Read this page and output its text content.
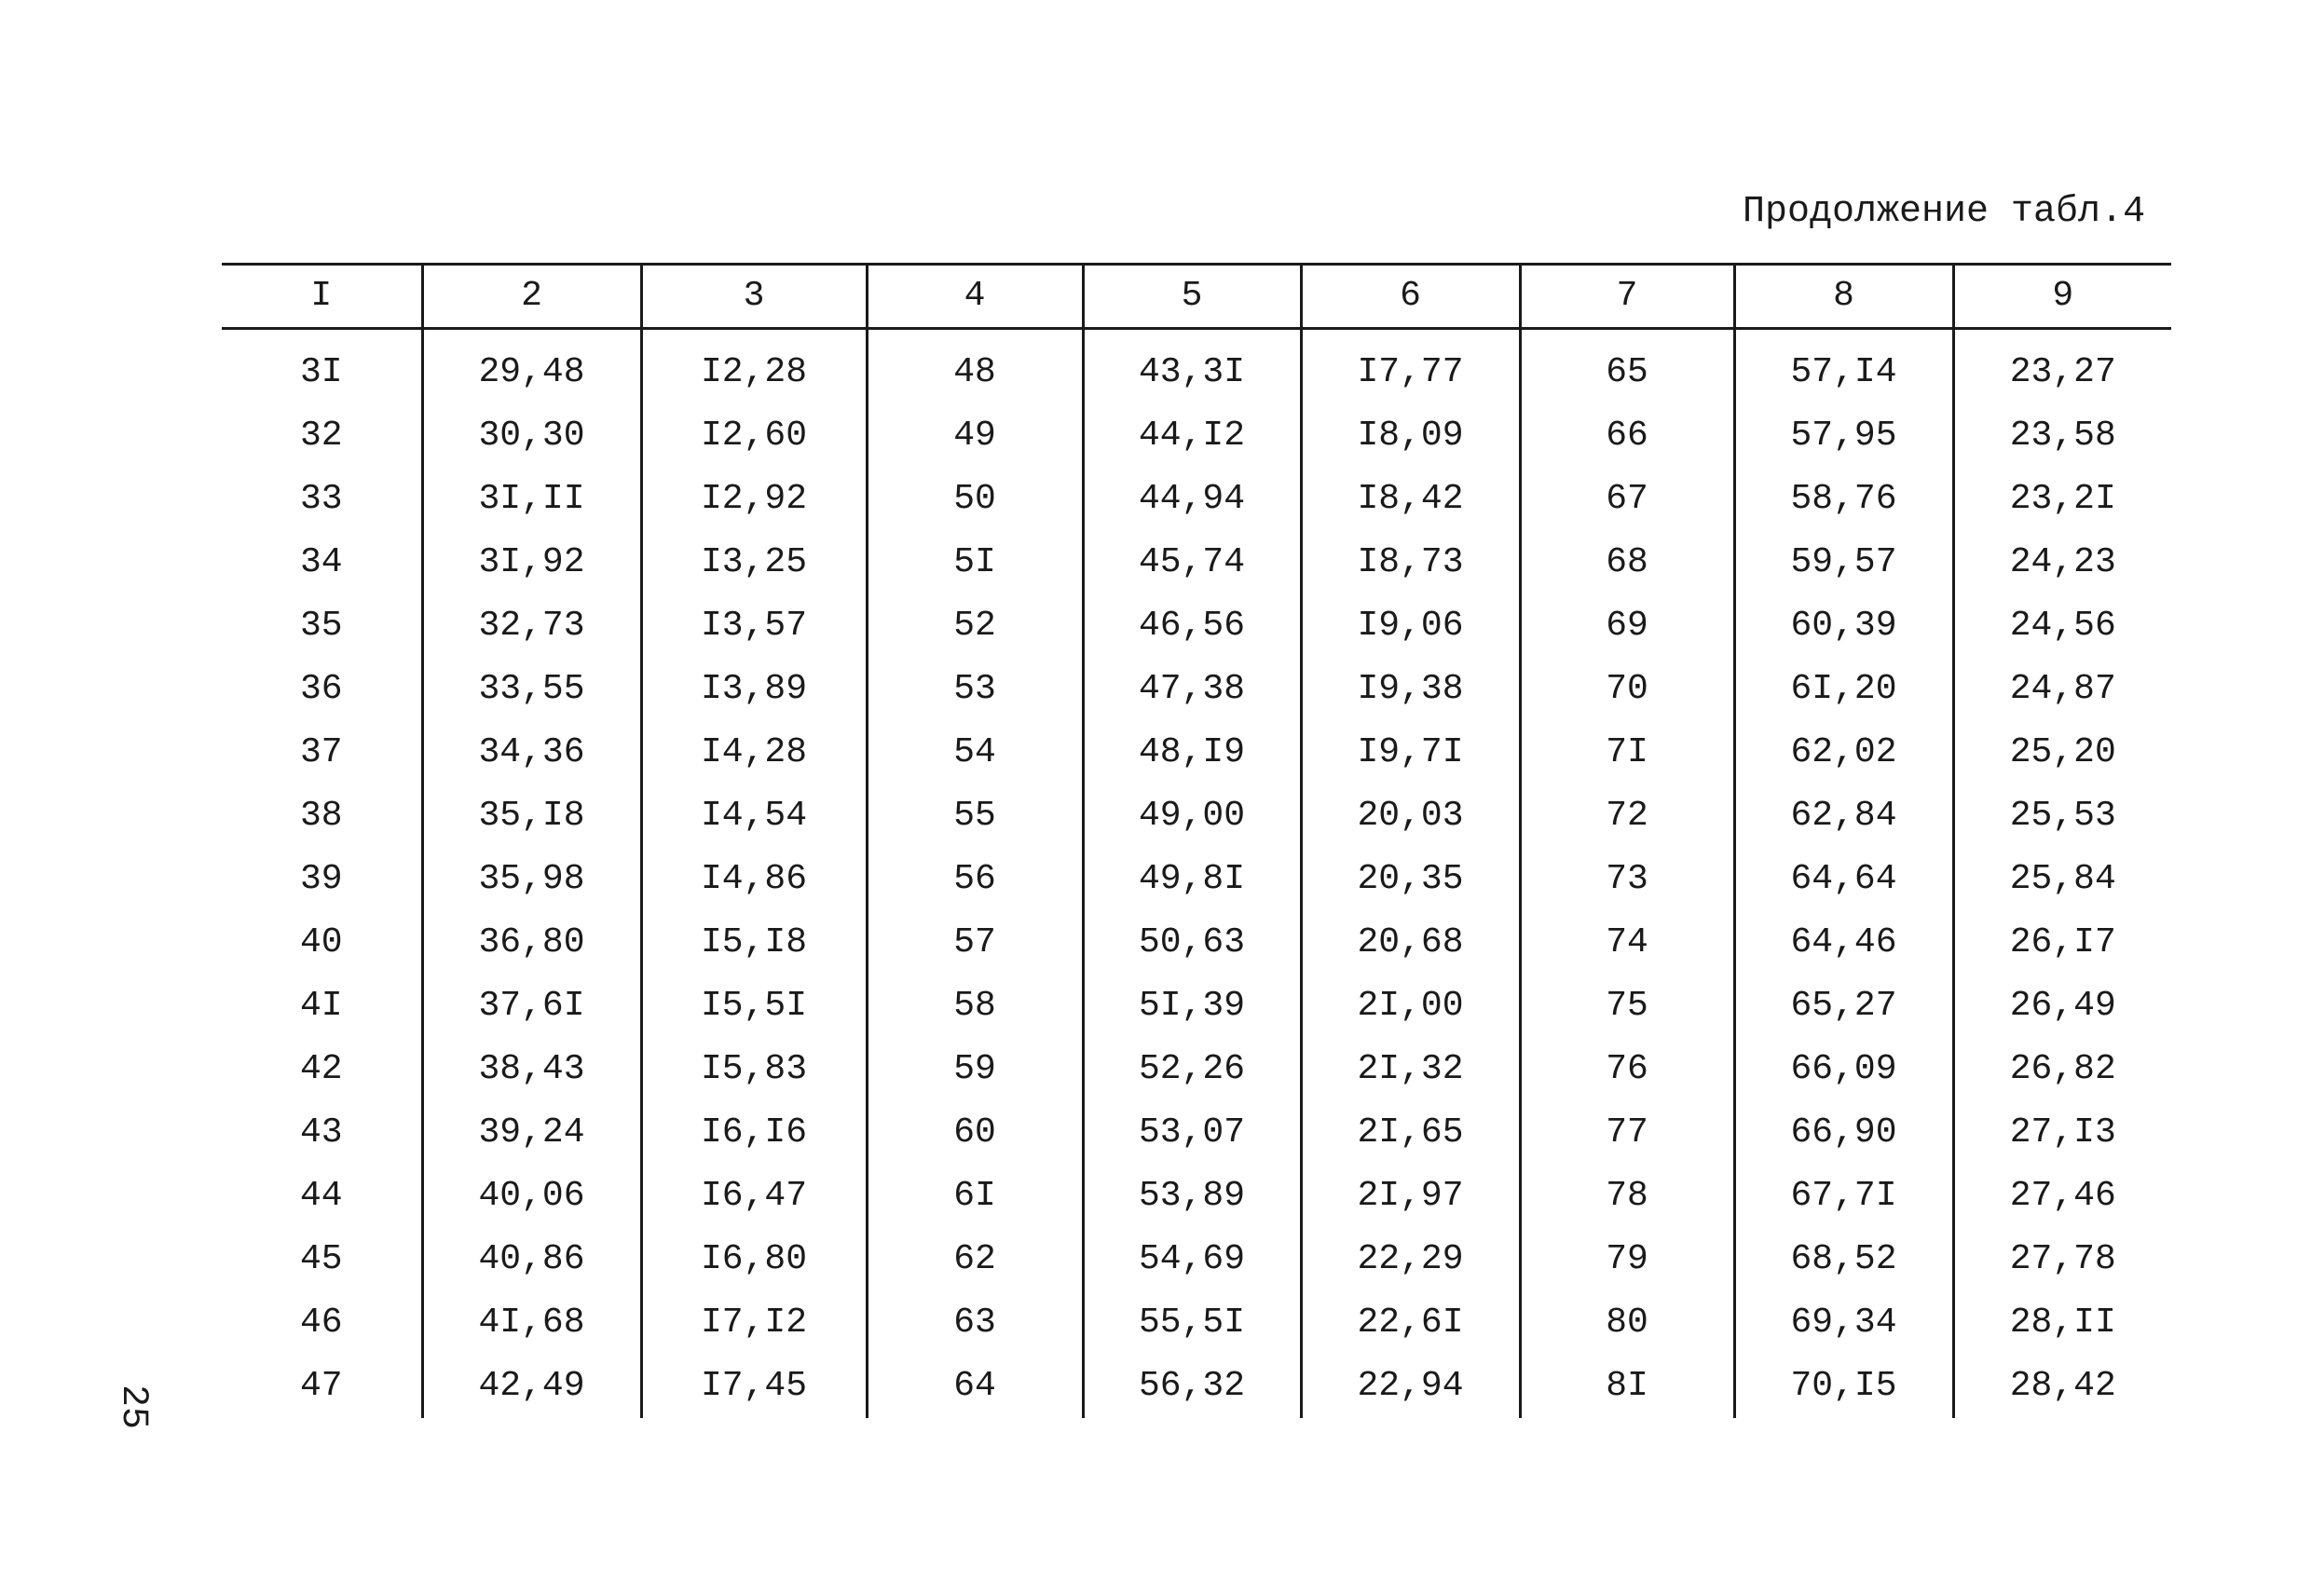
Продолжение табл.4
25
I	2	3	4	5	6	7	8	9
3I	29,48	I2,28	48	43,3I	I7,77	65	57,I4	23,27
32	30,30	I2,60	49	44,I2	I8,09	66	57,95	23,58
33	3I,II	I2,92	50	44,94	I8,42	67	58,76	23,2I
34	3I,92	I3,25	5I	45,74	I8,73	68	59,57	24,23
35	32,73	I3,57	52	46,56	I9,06	69	60,39	24,56
36	33,55	I3,89	53	47,38	I9,38	70	6I,20	24,87
37	34,36	I4,28	54	48,I9	I9,7I	7I	62,02	25,20
38	35,I8	I4,54	55	49,00	20,03	72	62,84	25,53
39	35,98	I4,86	56	49,8I	20,35	73	64,64	25,84
40	36,80	I5,I8	57	50,63	20,68	74	64,46	26,I7
4I	37,6I	I5,5I	58	5I,39	2I,00	75	65,27	26,49
42	38,43	I5,83	59	52,26	2I,32	76	66,09	26,82
43	39,24	I6,I6	60	53,07	2I,65	77	66,90	27,I3
44	40,06	I6,47	6I	53,89	2I,97	78	67,7I	27,46
45	40,86	I6,80	62	54,69	22,29	79	68,52	27,78
46	4I,68	I7,I2	63	55,5I	22,6I	80	69,34	28,II
47	42,49	I7,45	64	56,32	22,94	8I	70,I5	28,42
